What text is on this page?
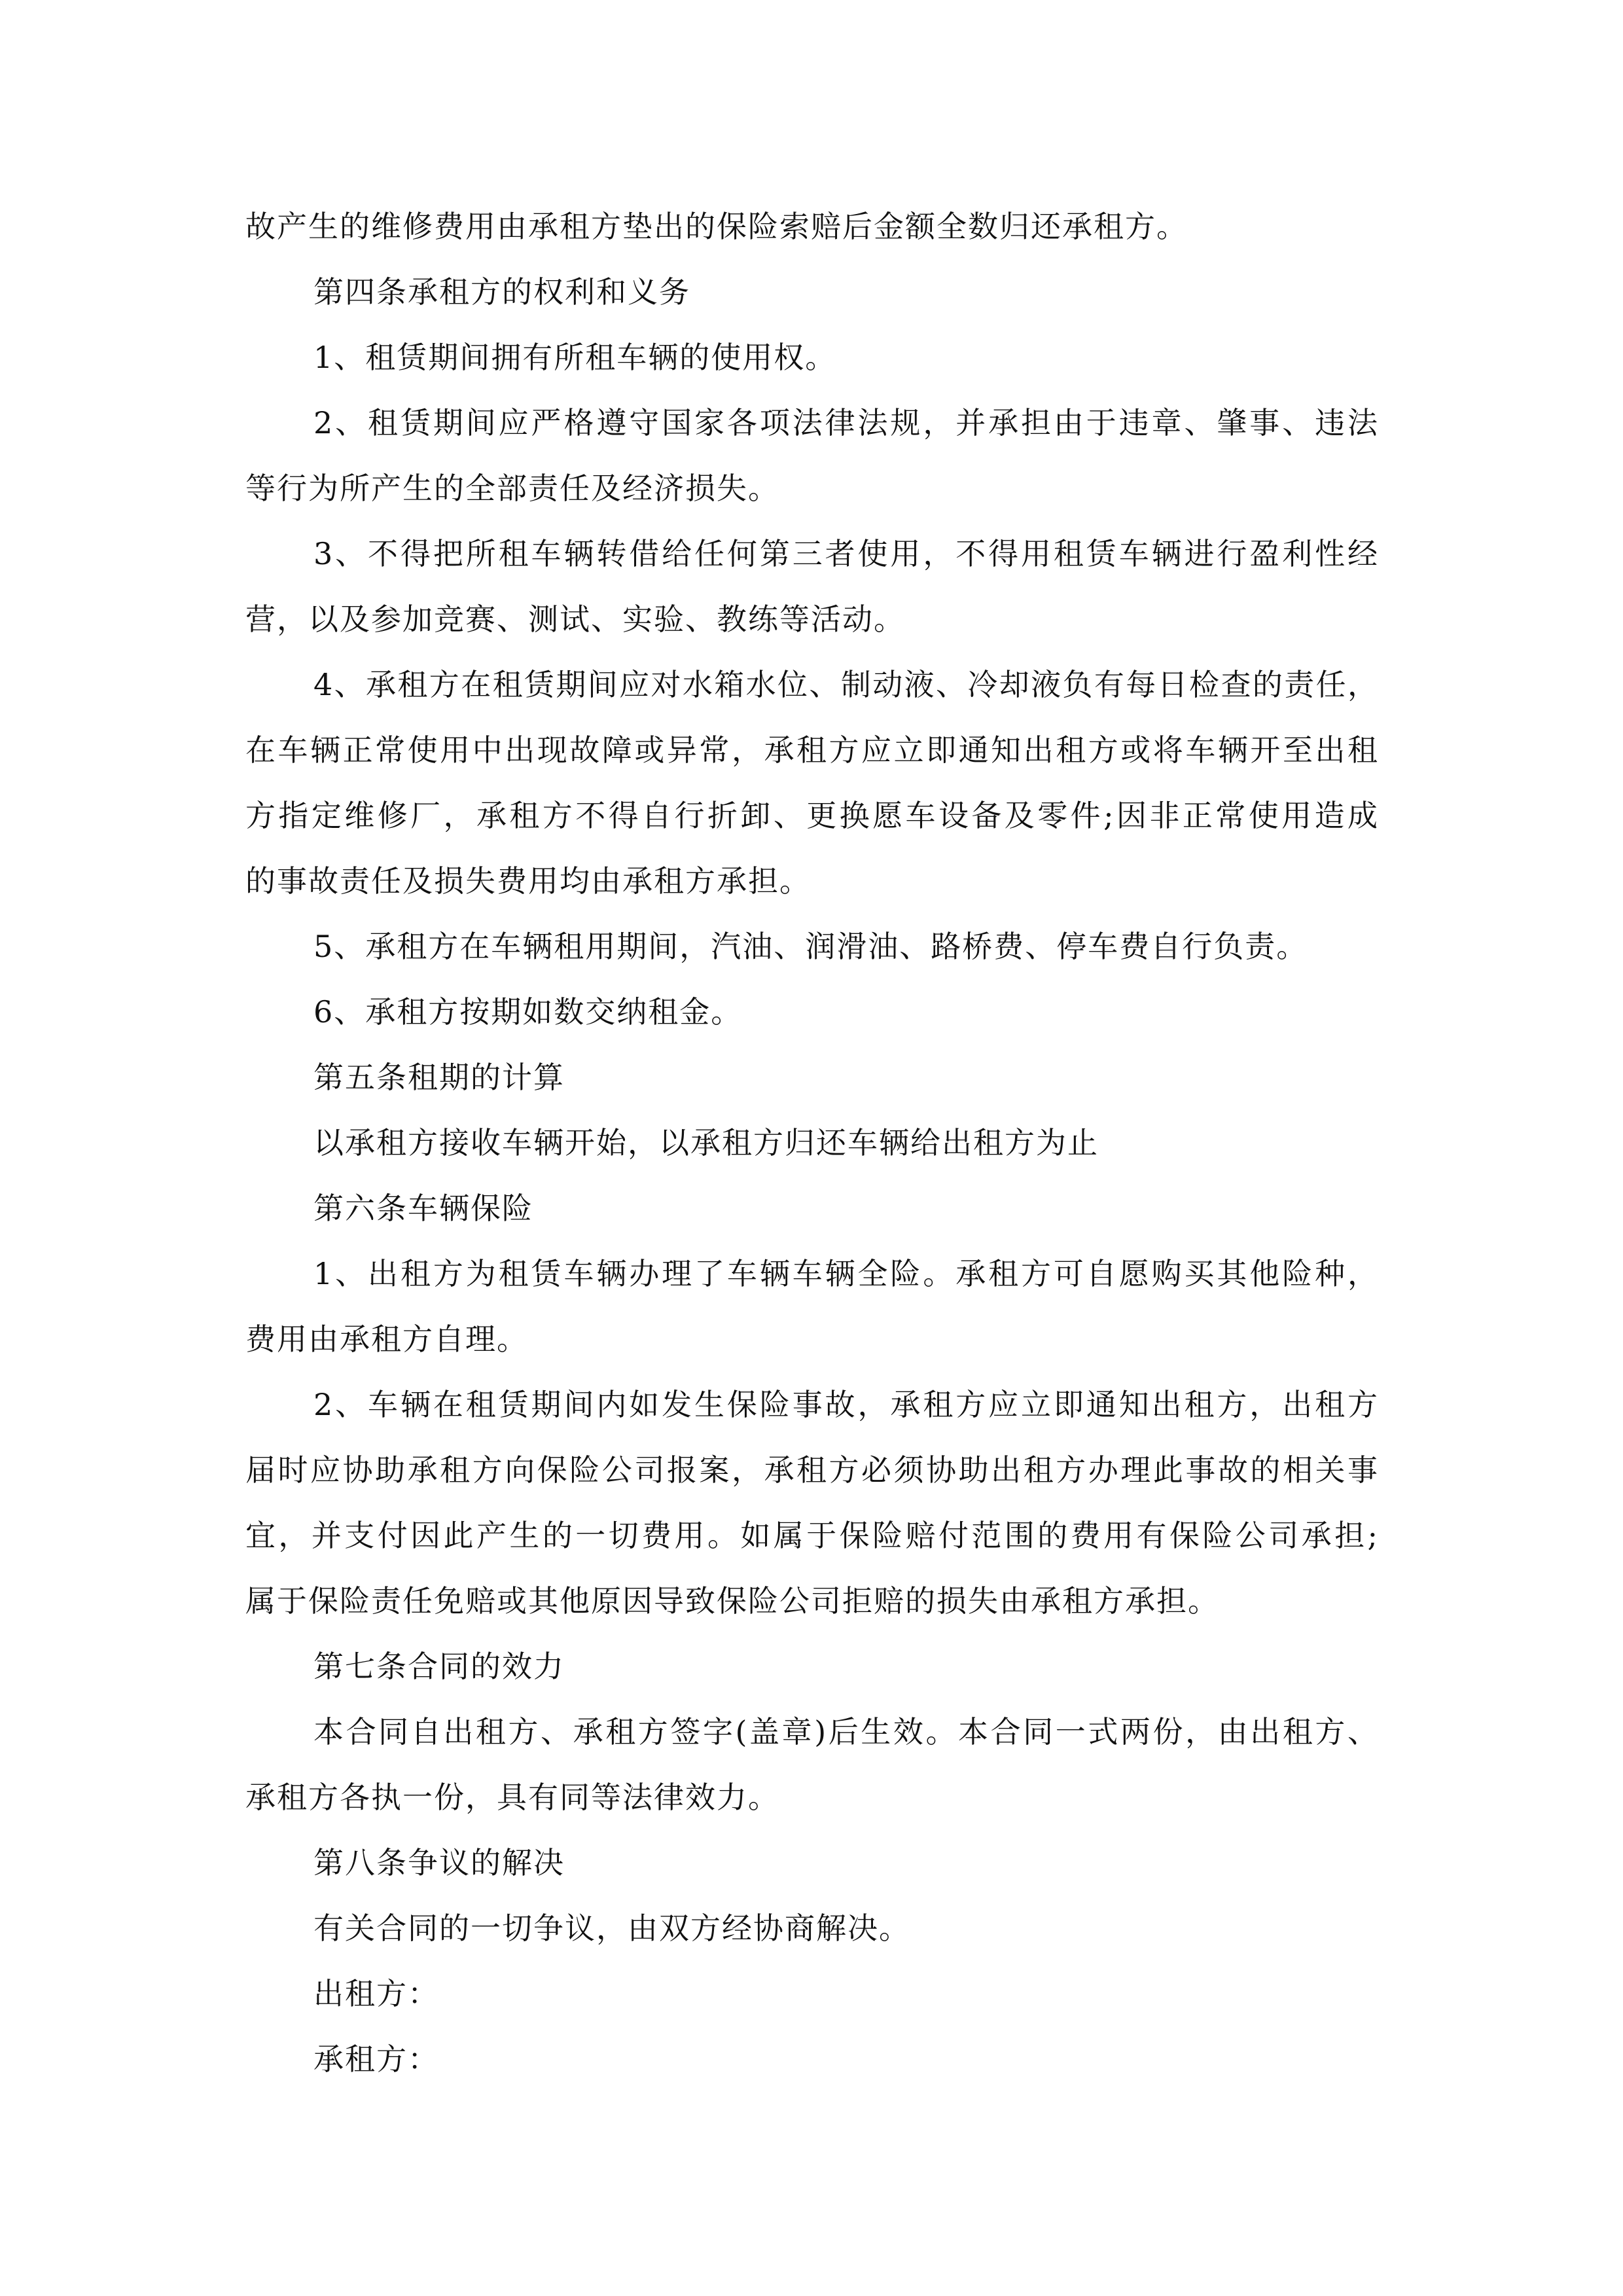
故产生的维修费用由承租方垫出的保险索赔后金额全数归还承租方。
第四条承租方的权利和义务
1、租赁期间拥有所租车辆的使用权。
2、租赁期间应严格遵守国家各项法律法规，并承担由于违章、肇事、违法
等行为所产生的全部责任及经济损失。
3、不得把所租车辆转借给任何第三者使用，不得用租赁车辆进行盈利性经
营，以及参加竞赛、测试、实验、教练等活动。
4、承租方在租赁期间应对水箱水位、制动液、冷却液负有每日检查的责任，
在车辆正常使用中出现故障或异常，承租方应立即通知出租方或将车辆开至出租
方指定维修厂，承租方不得自行折卸、更换愿车设备及零件;因非正常使用造成
的事故责任及损失费用均由承租方承担。
5、承租方在车辆租用期间，汽油、润滑油、路桥费、停车费自行负责。
6、承租方按期如数交纳租金。
第五条租期的计算
以承租方接收车辆开始，以承租方归还车辆给出租方为止
第六条车辆保险
1、出租方为租赁车辆办理了车辆车辆全险。承租方可自愿购买其他险种，
费用由承租方自理。
2、车辆在租赁期间内如发生保险事故，承租方应立即通知出租方，出租方
届时应协助承租方向保险公司报案，承租方必须协助出租方办理此事故的相关事
宜，并支付因此产生的一切费用。如属于保险赔付范围的费用有保险公司承担;
属于保险责任免赔或其他原因导致保险公司拒赔的损失由承租方承担。
第七条合同的效力
本合同自出租方、承租方签字(盖章)后生效。本合同一式两份，由出租方、
承租方各执一份，具有同等法律效力。
第八条争议的解决
有关合同的一切争议，由双方经协商解决。
出租方：
承租方：
